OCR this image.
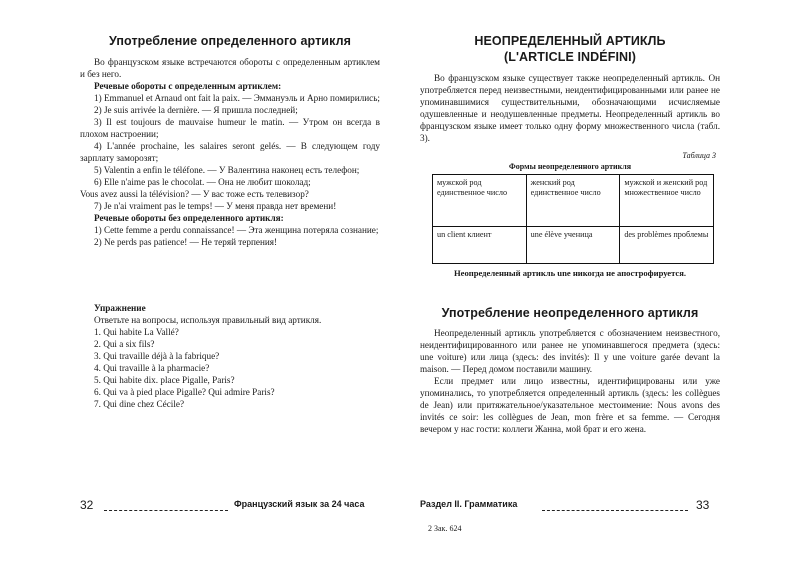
Употребление определенного артикля

Во французском языке встречаются обороты с определенным артиклем и без него.

Речевые обороты с определенным артиклем:

1) Emmanuel et Arnaud ont fait la paix. — Эммануэль и Арно помирились;

2) Je suis arrivée la dernière. — Я пришла последней;

3) Il est toujours de mauvaise humeur le matin. — Утром он всегда в плохом настроении;

4) L'année prochaine, les salaires seront gelés. — В следующем году зарплату заморозят;

5) Valentin a enfin le téléfone. — У Валентина наконец есть телефон;

6) Elle n'aime pas le chocolat. — Она не любит шоколад;

Vous avez aussi la télévision? — У вас тоже есть телевизор?

7) Je n'ai vraiment pas le temps! — У меня правда нет времени!

Речевые обороты без определенного артикля:

1) Cette femme a perdu connaissance! — Эта женщина потеряла сознание;

2) Ne perds pas patience! — Не теряй терпения!

Упражнение
Ответьте на вопросы, используя правильный вид артикля.
1. Qui habite La Vallé?
2. Qui a six fils?
3. Qui travaille déjà à la fabrique?
4. Qui travaille à la pharmacie?
5. Qui habite dix. place Pigalle, Paris?
6. Qui va à pied place Pigalle? Qui admire Paris?
7. Qui dine chez Cécile?
32	Французский язык за 24 часа
НЕОПРЕДЕЛЕННЫЙ АРТИКЛЬ
(L'ARTICLE INDÉFINI)

Во французском языке существует также неопределенный артикль. Он употребляется перед неизвестными, неидентифицированными или ранее не упоминавшимися существительными, обозначающими исчисляемые одушевленные и неодушевленные предметы. Неопределенный артикль во французском языке имеет только одну форму множественного числа (табл. 3).

Таблица 3
Формы неопределенного артикля
мужской род единственное число	женский род единственное число	мужской и женский род множественное число
un client клиент	une élève ученица	des problèmes проблемы
Неопределенный артикль une никогда не апострофируется.
Употребление неопределенного артикля

Неопределенный артикль употребляется с обозначением неизвестного, неидентифицированного или ранее не упоминавшегося предмета (здесь: une voiture) или лица (здесь: des invités): Il y une voiture garée devant la maison. — Перед домом поставили машину.

Если предмет или лицо известны, идентифицированы или уже упоминались, то употребляется определенный артикль (здесь: les collègues de Jean) или притяжательное/указательное местоимение: Nous avons des invités ce soir: les collègues de Jean, mon frère et sa femme. — Сегодня вечером у нас гости: коллеги Жанна, мой брат и его жена.

Раздел II. Грамматика	33
2 Зак. 624
